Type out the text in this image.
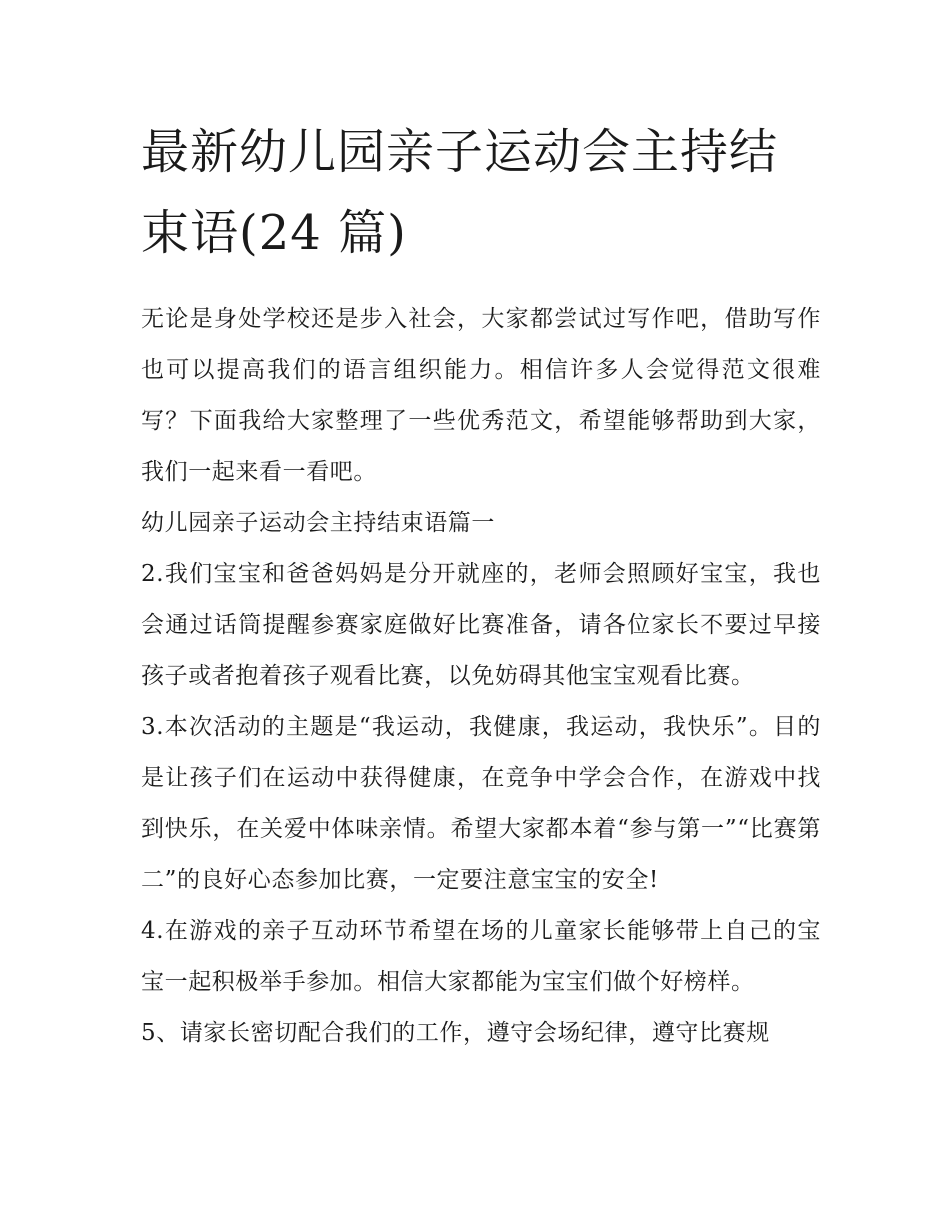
最新幼儿园亲子运动会主持结
束语(24 篇)

无论是身处学校还是步入社会，大家都尝试过写作吧，借助写作也可以提高我们的语言组织能力。相信许多人会觉得范文很难写？下面我给大家整理了一些优秀范文，希望能够帮助到大家，我们一起来看一看吧。

幼儿园亲子运动会主持结束语篇一

2.我们宝宝和爸爸妈妈是分开就座的，老师会照顾好宝宝，我也会通过话筒提醒参赛家庭做好比赛准备，请各位家长不要过早接孩子或者抱着孩子观看比赛，以免妨碍其他宝宝观看比赛。

3.本次活动的主题是“我运动，我健康，我运动，我快乐”。目的是让孩子们在运动中获得健康，在竞争中学会合作，在游戏中找到快乐，在关爱中体味亲情。希望大家都本着“参与第一”“比赛第二”的良好心态参加比赛，一定要注意宝宝的安全!

4.在游戏的亲子互动环节希望在场的儿童家长能够带上自己的宝宝一起积极举手参加。相信大家都能为宝宝们做个好榜样。

5、请家长密切配合我们的工作，遵守会场纪律，遵守比赛规
